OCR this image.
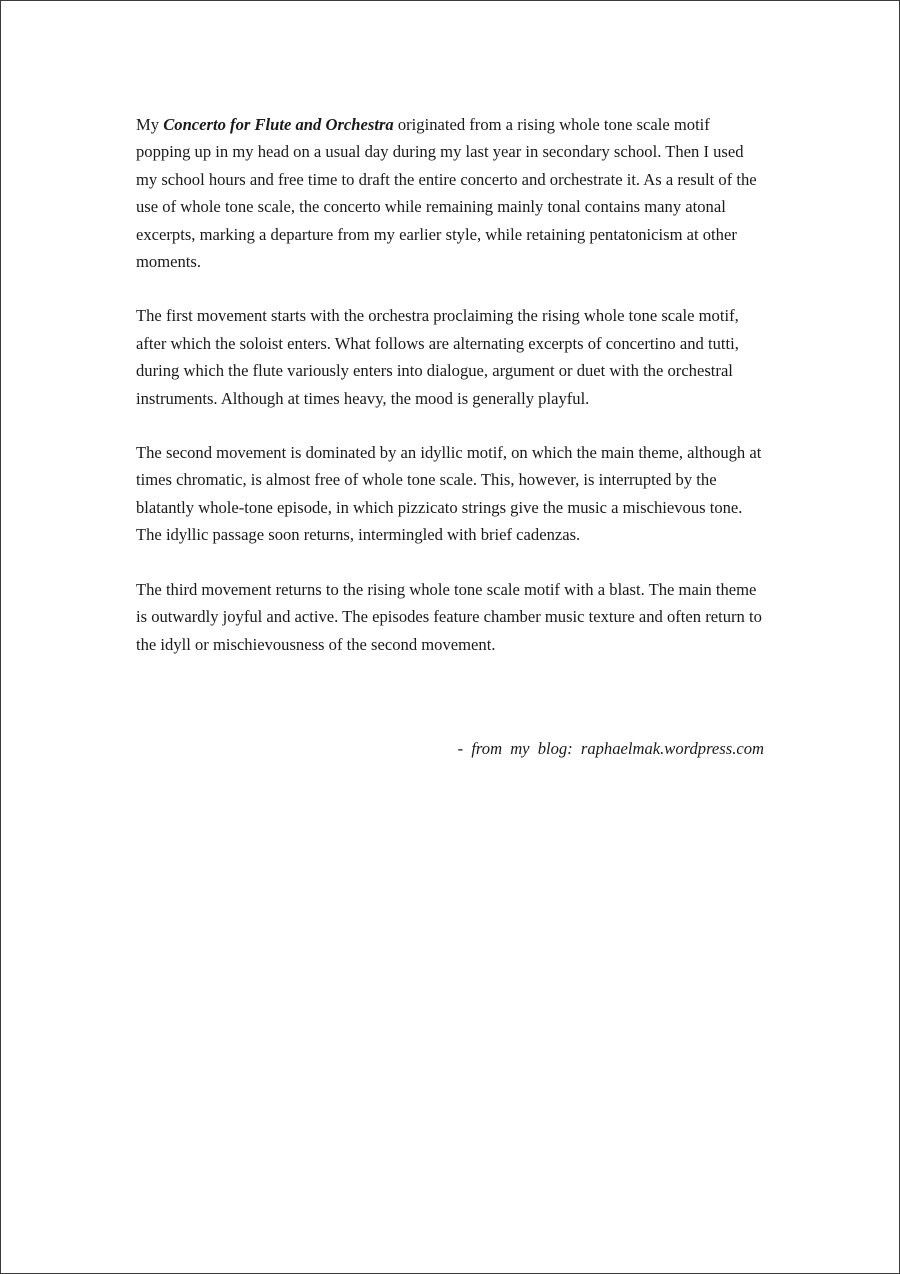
My Concerto for Flute and Orchestra originated from a rising whole tone scale motif popping up in my head on a usual day during my last year in secondary school. Then I used my school hours and free time to draft the entire concerto and orchestrate it. As a result of the use of whole tone scale, the concerto while remaining mainly tonal contains many atonal excerpts, marking a departure from my earlier style, while retaining pentatonicism at other moments.

The first movement starts with the orchestra proclaiming the rising whole tone scale motif, after which the soloist enters. What follows are alternating excerpts of concertino and tutti, during which the flute variously enters into dialogue, argument or duet with the orchestral instruments. Although at times heavy, the mood is generally playful.

The second movement is dominated by an idyllic motif, on which the main theme, although at times chromatic, is almost free of whole tone scale. This, however, is interrupted by the blatantly whole-tone episode, in which pizzicato strings give the music a mischievous tone. The idyllic passage soon returns, intermingled with brief cadenzas.

The third movement returns to the rising whole tone scale motif with a blast. The main theme is outwardly joyful and active. The episodes feature chamber music texture and often return to the idyll or mischievousness of the second movement.

- from my blog: raphaelmak.wordpress.com
